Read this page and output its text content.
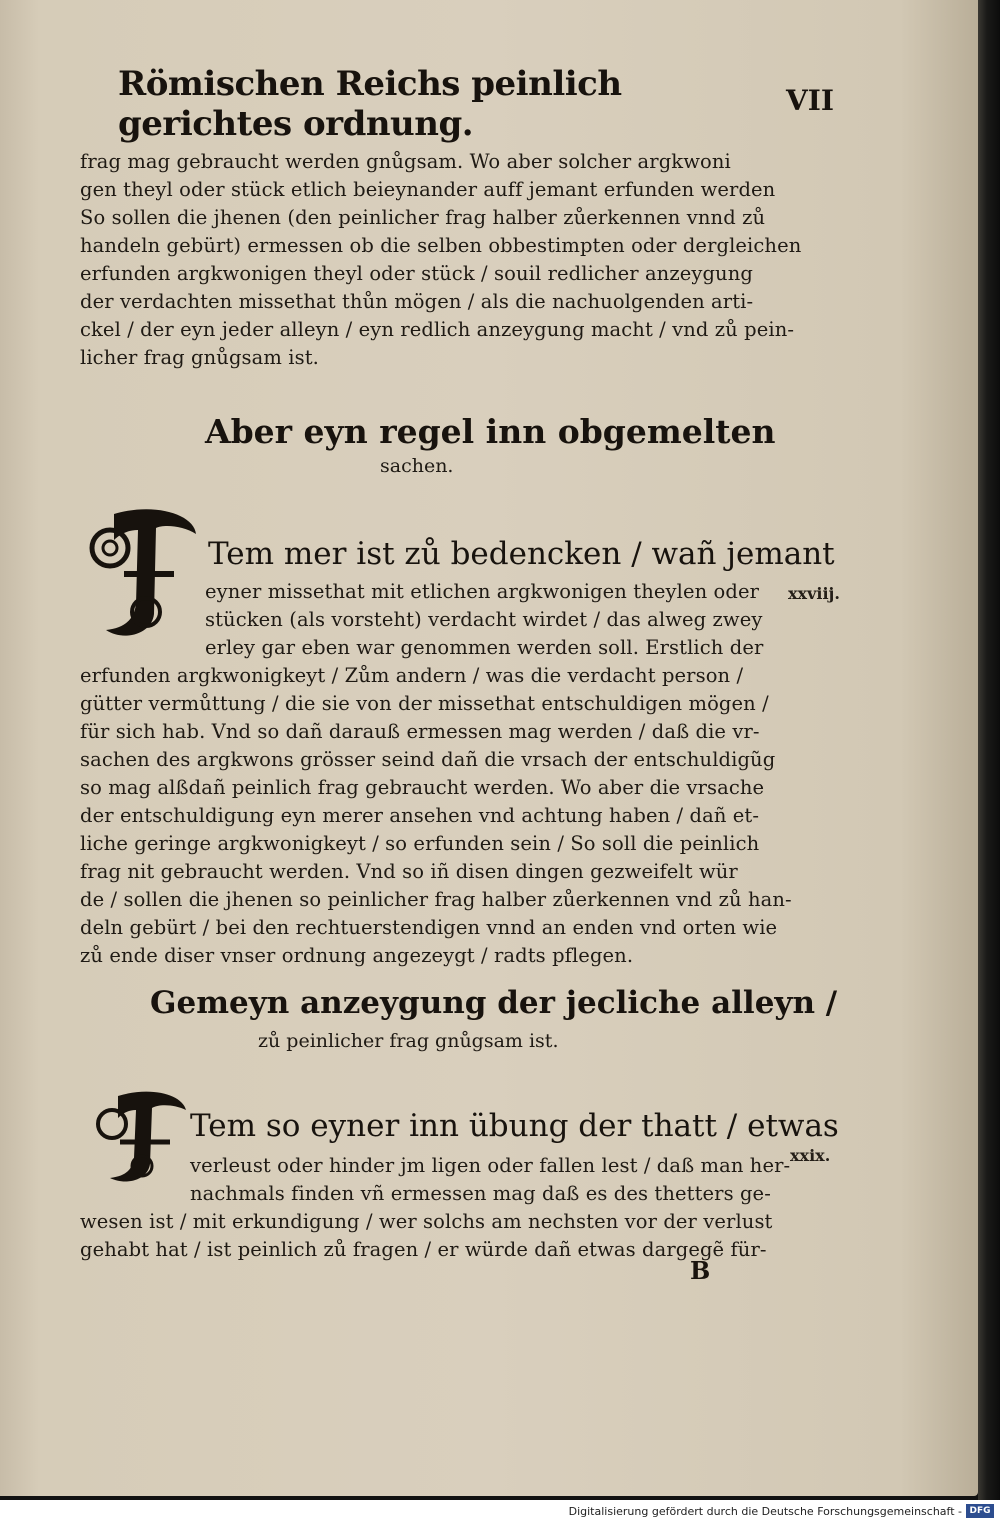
Römischen Reichs peinlich gerichtes ordnung.
VII
frag mag gebraucht werden gnůgsam. Wo aber solcher argkwoni
gen theyl oder stück etlich beieynander auff jemant erfunden werden
So sollen die jhenen (den peinlicher frag halber zůerkennen vnnd zů
handeln gebürt) ermessen ob die selben obbestimpten oder dergleichen
erfunden argkwonigen theyl oder stück / souil redlicher anzeygung
der verdachten missethat thůn mögen / als die nachuolgenden arti-
ckel / der eyn jeder alleyn / eyn redlich anzeygung macht / vnd zů pein-
licher frag gnůgsam ist.
Aber eyn regel inn obgemelten
sachen.
Tem mer ist zů bedencken / wañ jemant
xxviij.
eyner missethat mit etlichen argkwonigen theylen oder
stücken (als vorsteht) verdacht wirdet / das alweg zwey
erley gar eben war genommen werden soll. Erstlich der
erfunden argkwonigkeyt / Zům andern / was die verdacht person /
gütter vermůttung / die sie von der missethat entschuldigen mögen /
für sich hab. Vnd so dañ darauß ermessen mag werden / daß die vr-
sachen des argkwons grösser seind dañ die vrsach der entschuldigũg
so mag alßdañ peinlich frag gebraucht werden. Wo aber die vrsache
der entschuldigung eyn merer ansehen vnd achtung haben / dañ et-
liche geringe argkwonigkeyt / so erfunden sein / So soll die peinlich
frag nit gebraucht werden. Vnd so iñ disen dingen gezweifelt wür
de / sollen die jhenen so peinlicher frag halber zůerkennen vnd zů han-
deln gebürt / bei den rechtuerstendigen vnnd an enden vnd orten wie
zů ende diser vnser ordnung angezeygt / radts pflegen.
Gemeyn anzeygung der jecliche alleyn /
zů peinlicher frag gnůgsam ist.
Tem so eyner inn übung der thatt / etwas
xxix.
verleust oder hinder jm ligen oder fallen lest / daß man her-
nachmals finden vñ ermessen mag daß es des thetters ge-
wesen ist / mit erkundigung / wer solchs am nechsten vor der verlust
gehabt hat / ist peinlich zů fragen / er würde dañ etwas dargegẽ für-
B
Digitalisierung gefördert durch die Deutsche Forschungsgemeinschaft - DFG
